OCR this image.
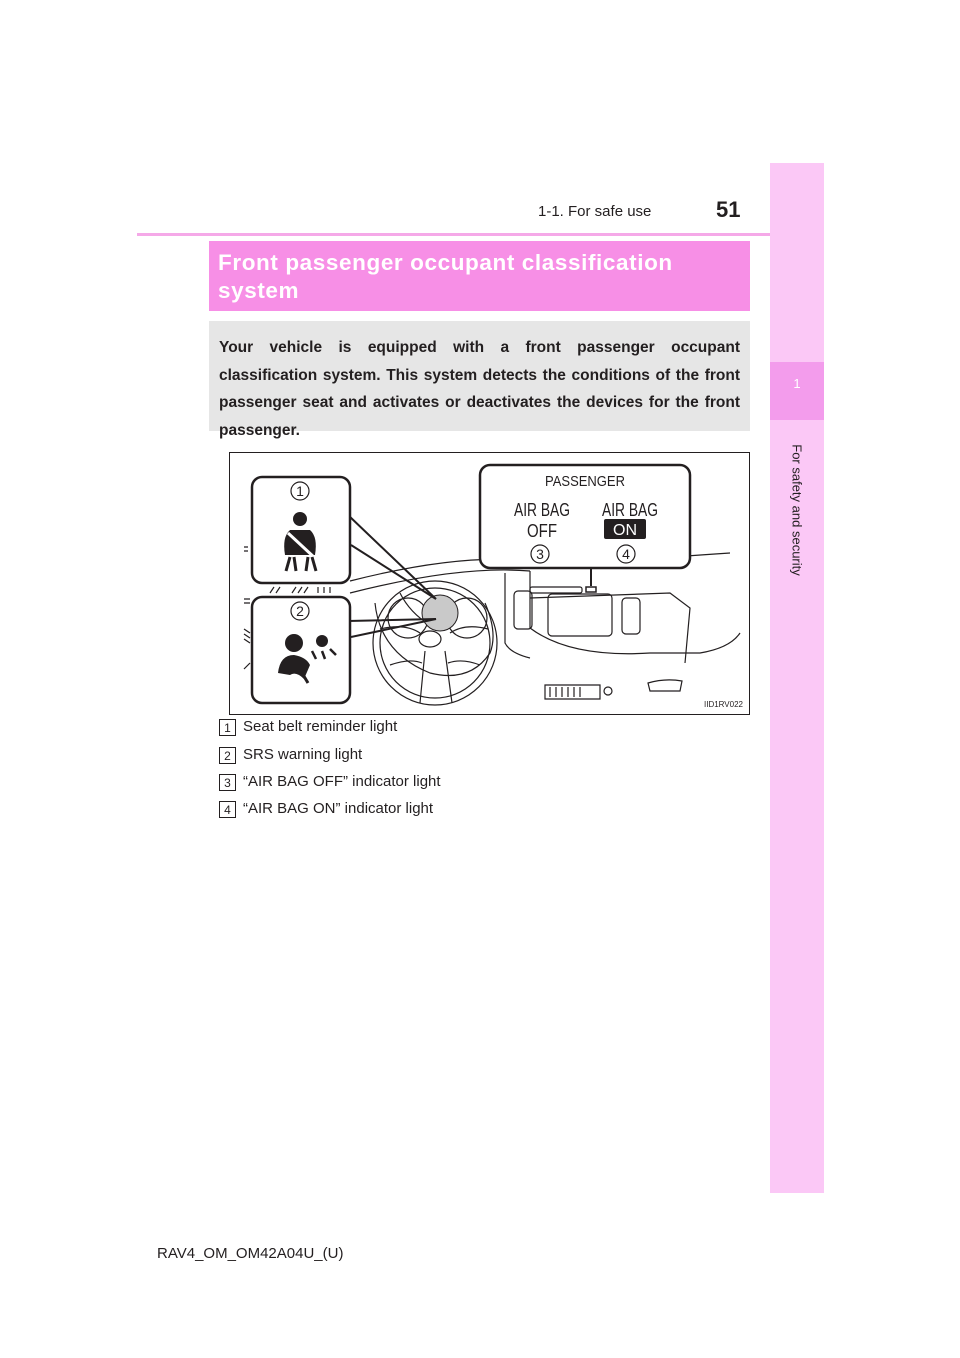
1-1. For safe use	51
1
For safety and security
Front passenger occupant classification system

Your vehicle is equipped with a front passenger occupant classification system. This system detects the conditions of the front passenger seat and activates or deactivates the devices for the front passenger.

1
2
3	4
PASSENGER
AIR BAG
OFF
AIR BAG
ON
IID1RV022
1 Seat belt reminder light
2 SRS warning light
3 “AIR BAG OFF” indicator light
4 “AIR BAG ON” indicator light
RAV4_OM_OM42A04U_(U)
